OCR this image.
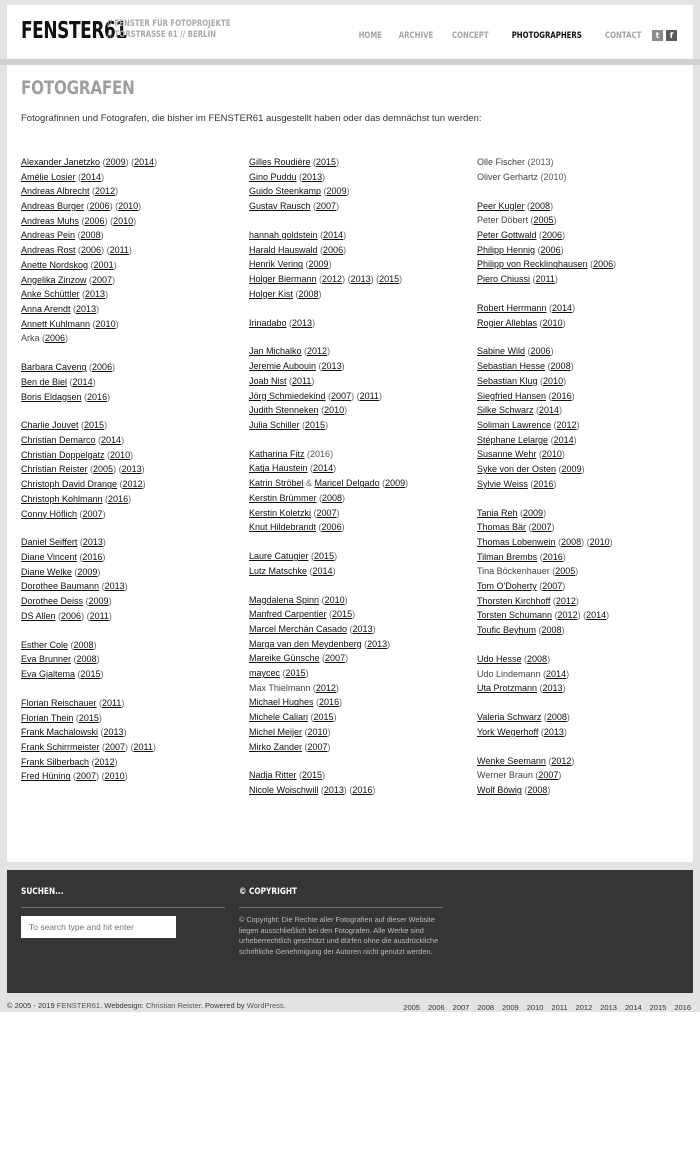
FENSTER61
// FENSTER FÜR FOTOPROJEKTE
// TORSTRASSE 61 // BERLIN	HOME ARCHIVE CONCEPT	PHOTOGRAPHERS	CONTACT	t	f
FOTOGRAFEN
Fotografinnen und Fotografen, die bisher im FENSTER61 ausgestellt haben oder das demnächst tun werden:
Alexander Janetzko (2009) (2014)
Amélie Losier (2014)
Andreas Albrecht (2012)
Andreas Burger (2006) (2010)
Andreas Muhs (2006) (2010)
Andreas Pein (2008)
Andreas Rost (2006) (2011)
Anette Nordskog (2001)
Angelika Zinzow (2007)
Anke Schüttler (2013)
Anna Arendt (2013)
Annett Kuhlmann (2010)
Arka (2006)
Barbara Caveng (2006)
Ben de Biel (2014)
Boris Eldagsen (2016)
Charlie Jouvet (2015)
Christian Demarco (2014)
Christian Doppelgatz (2010)
Christian Reister (2005) (2013)
Christoph David Drange (2012)
Christoph Kohlmann (2016)
Conny Höflich (2007)
Daniel Seiffert (2013)
Diane Vincent (2016)
Diane Welke (2009)
Dorothee Baumann (2013)
Dorothee Deiss (2009)
DS Allen (2006) (2011)
Esther Cole (2008)
Eva Brunner (2008)
Eva Gjaltema (2015)
Florian Reischauer (2011)
Florian Thein (2015)
Frank Machalowski (2013)
Frank Schirrmeister (2007) (2011)
Frank Silberbach (2012)
Fred Hüning (2007) (2010)
Gilles Roudière (2015)
Gino Puddu (2013)
Guido Steenkamp (2009)
Gustav Rausch (2007)
hannah goldstein (2014)
Harald Hauswald (2006)
Henrik Vering (2009)
Holger Biermann (2012) (2013) (2015)
Holger Kist (2008)
Irinadabo (2013)
Jan Michalko (2012)
Jeremie Aubouin (2013)
Joab Nist (2011)
Jörg Schmiedekind (2007) (2011)
Judith Stenneken (2010)
Julia Schiller (2015)
Katharina Fitz (2016)
Katja Haustein (2014)
Katrin Ströbel & Maricel Delgado (2009)
Kerstin Brümmer (2008)
Kerstin Koletzki (2007)
Knut Hildebrandt (2006)
Laure Catugier (2015)
Lutz Matschke (2014)
Magdalena Spinn (2010)
Manfred Carpentier (2015)
Marcel Merchán Casado (2013)
Marga van den Meydenberg (2013)
Mareike Günsche (2007)
maycec (2015)
Max Thielmann (2012)
Michael Hughes (2016)
Michele Caliari (2015)
Michel Meijer (2010)
Mirko Zander (2007)
Nadja Ritter (2015)
Nicole Woischwill (2013) (2016)
Olle Fischer (2013)
Oliver Gerhartz (2010)
Peer Kugler (2008)
Peter Döbert (2005)
Peter Gottwald (2006)
Philipp Hennig (2006)
Philipp von Recklinghausen (2006)
Piero Chiussi (2011)
Robert Herrmann (2014)
Rogier Alleblas (2010)
Sabine Wild (2006)
Sebastian Hesse (2008)
Sebastian Klug (2010)
Siegfried Hansen (2016)
Silke Schwarz (2014)
Soliman Lawrence (2012)
Stéphane Lelarge (2014)
Susanne Wehr (2010)
Syke von der Osten (2009)
Sylvie Weiss (2016)
Tania Reh (2009)
Thomas Bär (2007)
Thomas Lobenwein (2008) (2010)
Tilman Brembs (2016)
Tina Böckenhauer (2005)
Tom O'Doherty (2007)
Thorsten Kirchhoff (2012)
Torsten Schumann (2012) (2014)
Toufic Beyhum (2008)
Udo Hesse (2008)
Udo Lindemann (2014)
Uta Protzmann (2013)
Valeria Schwarz (2008)
York Wegerhoff (2013)
Wenke Seemann (2012)
Werner Braun (2007)
Wolf Böwig (2008)
SUCHEN...
To search type and hit enter	© COPYRIGHT
© Copyright: Die Rechte aller Fotografien auf dieser Website liegen ausschließlich bei den Fotografen. Alle Werke sind urheberrechtlich geschützt und dürfen ohne die ausdrückliche schriftliche Genehmigung der Autoren nicht genutzt werden.
© 2005 - 2019 FENSTER61. Webdesign: Christian Reister. Powered by WordPress.	2005 2006 2007 2008 2009 2010 2011 2012 2013 2014 2015 2016
